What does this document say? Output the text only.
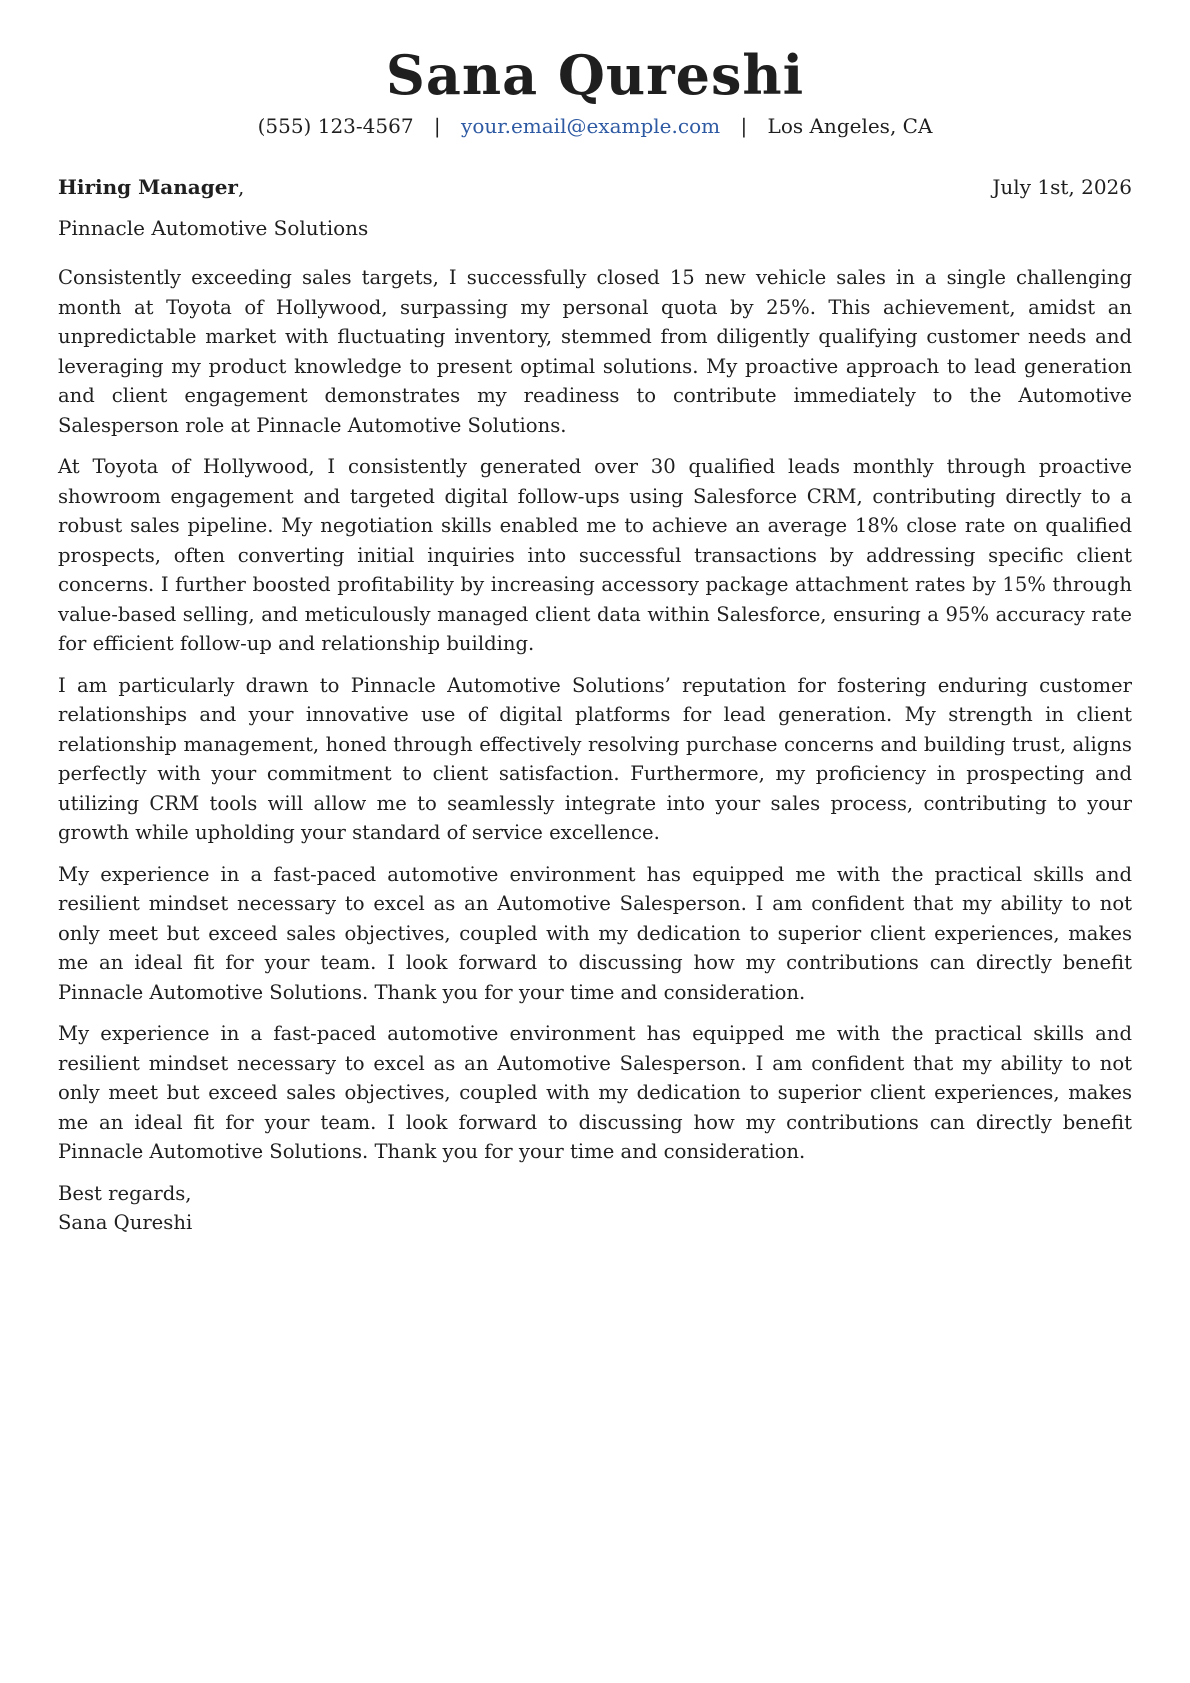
Sana Qureshi
(555) 123-4567 | your.email@example.com | Los Angeles, CA
Hiring Manager,	July 1st, 2026
Pinnacle Automotive Solutions

Consistently exceeding sales targets, I successfully closed 15 new vehicle sales in a single challenging month at Toyota of Hollywood, surpassing my personal quota by 25%. This achievement, amidst an unpredictable market with fluctuating inventory, stemmed from diligently qualifying customer needs and leveraging my product knowledge to present optimal solutions. My proactive approach to lead generation and client engagement demonstrates my readiness to contribute immediately to the Automotive Salesperson role at Pinnacle Automotive Solutions.

At Toyota of Hollywood, I consistently generated over 30 qualified leads monthly through proactive showroom engagement and targeted digital follow-ups using Salesforce CRM, contributing directly to a robust sales pipeline. My negotiation skills enabled me to achieve an average 18% close rate on qualified prospects, often converting initial inquiries into successful transactions by addressing specific client concerns. I further boosted profitability by increasing accessory package attachment rates by 15% through value-based selling, and meticulously managed client data within Salesforce, ensuring a 95% accuracy rate for efficient follow-up and relationship building.

I am particularly drawn to Pinnacle Automotive Solutions’ reputation for fostering enduring customer relationships and your innovative use of digital platforms for lead generation. My strength in client relationship management, honed through effectively resolving purchase concerns and building trust, aligns perfectly with your commitment to client satisfaction. Furthermore, my proficiency in prospecting and utilizing CRM tools will allow me to seamlessly integrate into your sales process, contributing to your growth while upholding your standard of service excellence.

My experience in a fast-paced automotive environment has equipped me with the practical skills and resilient mindset necessary to excel as an Automotive Salesperson. I am confident that my ability to not only meet but exceed sales objectives, coupled with my dedication to superior client experiences, makes me an ideal fit for your team. I look forward to discussing how my contributions can directly benefit Pinnacle Automotive Solutions. Thank you for your time and consideration.

My experience in a fast-paced automotive environment has equipped me with the practical skills and resilient mindset necessary to excel as an Automotive Salesperson. I am confident that my ability to not only meet but exceed sales objectives, coupled with my dedication to superior client experiences, makes me an ideal fit for your team. I look forward to discussing how my contributions can directly benefit Pinnacle Automotive Solutions. Thank you for your time and consideration.

Best regards,
Sana Qureshi
